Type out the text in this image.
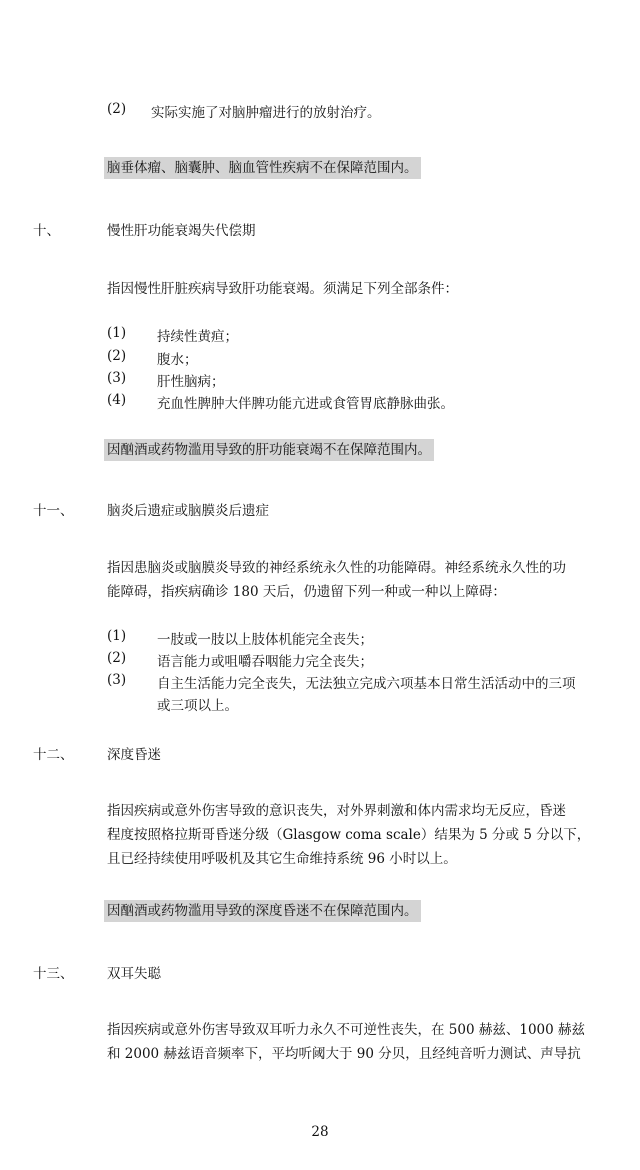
(2) 实际实施了对脑肿瘤进行的放射治疗。
脑垂体瘤、脑囊肿、脑血管性疾病不在保障范围内。
十、	慢性肝功能衰竭失代偿期
指因慢性肝脏疾病导致肝功能衰竭。须满足下列全部条件：
(1) 持续性黄疸；
(2) 腹水；
(3) 肝性脑病；
(4) 充血性脾肿大伴脾功能亢进或食管胃底静脉曲张。
因酗酒或药物滥用导致的肝功能衰竭不在保障范围内。
十一、 脑炎后遗症或脑膜炎后遗症
指因患脑炎或脑膜炎导致的神经系统永久性的功能障碍。神经系统永久性的功
能障碍，指疾病确诊 180 天后，仍遗留下列一种或一种以上障碍：
(1) 一肢或一肢以上肢体机能完全丧失；
(2) 语言能力或咀嚼吞咽能力完全丧失；
(3) 自主生活能力完全丧失，无法独立完成六项基本日常生活活动中的三项
或三项以上。
十二、 深度昏迷
指因疾病或意外伤害导致的意识丧失，对外界刺激和体内需求均无反应，昏迷
程度按照格拉斯哥昏迷分级（Glasgow coma scale）结果为 5 分或 5 分以下，
且已经持续使用呼吸机及其它生命维持系统 96 小时以上。
因酗酒或药物滥用导致的深度昏迷不在保障范围内。
十三、 双耳失聪
指因疾病或意外伤害导致双耳听力永久不可逆性丧失，在 500 赫兹、1000 赫兹
和 2000 赫兹语音频率下，平均听阈大于 90 分贝，且经纯音听力测试、声导抗
28
